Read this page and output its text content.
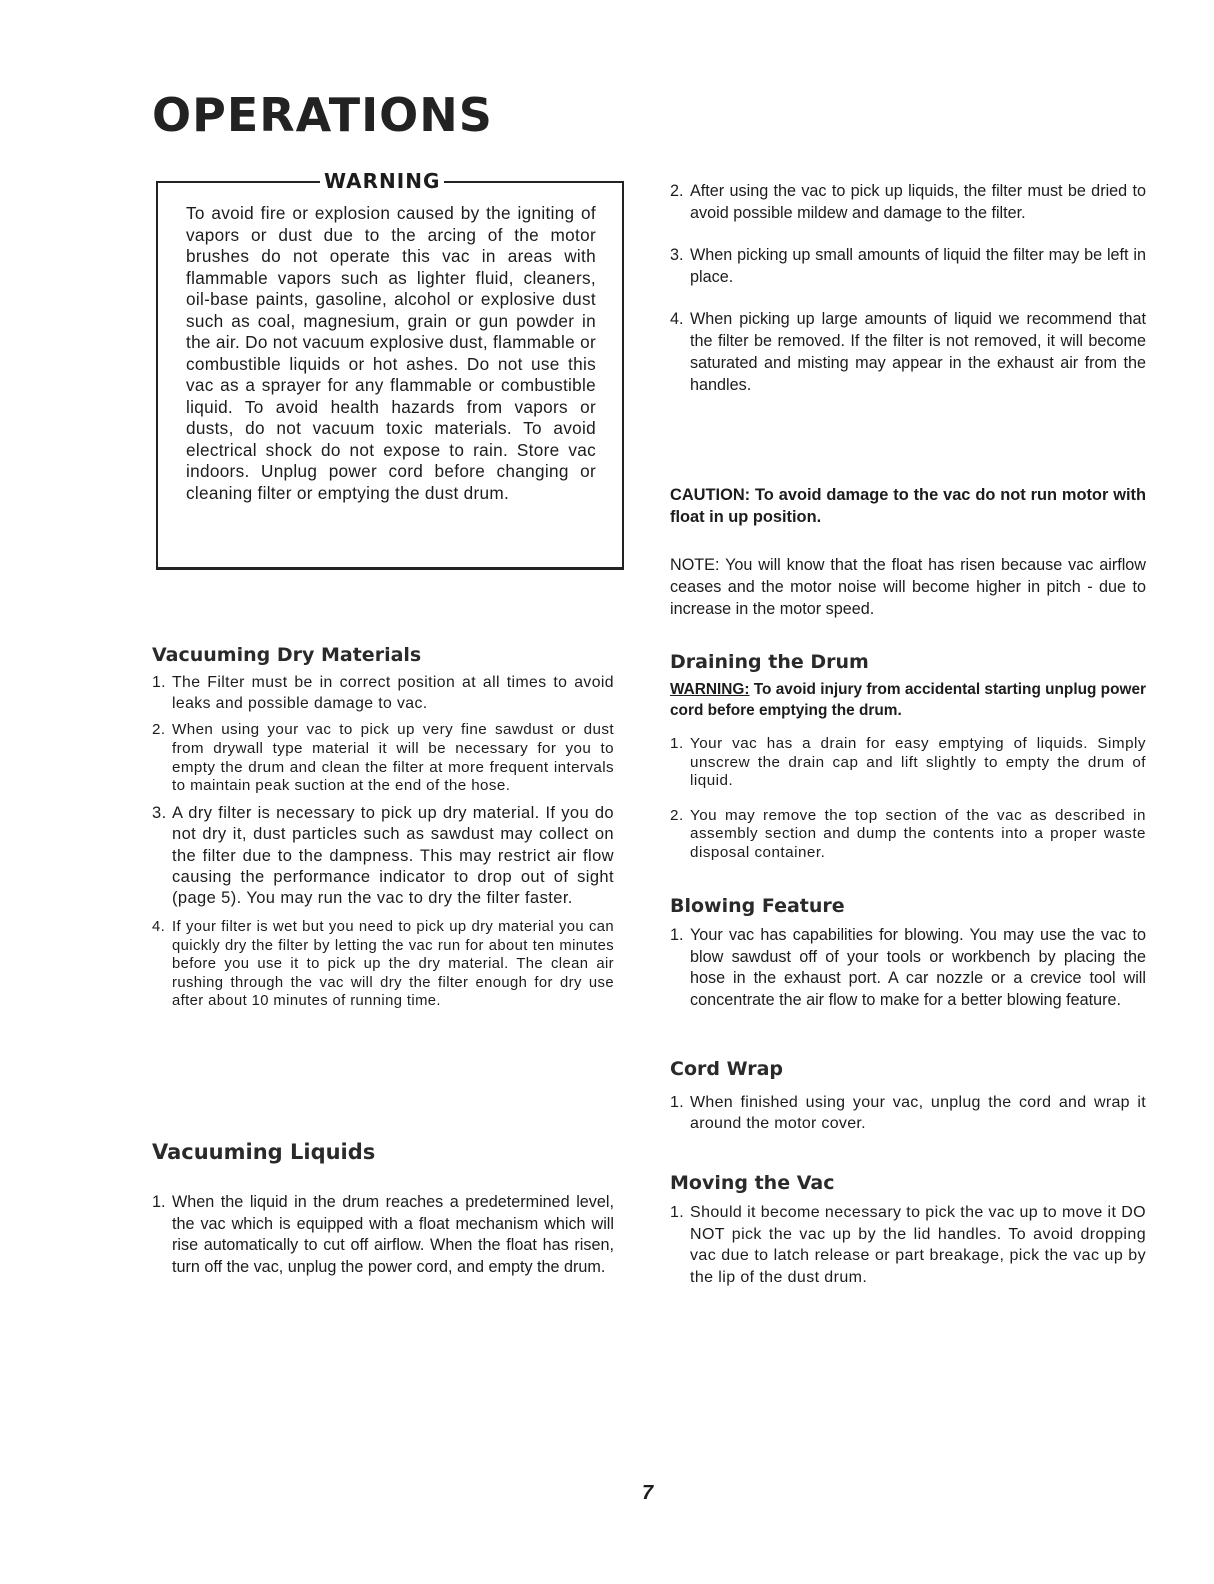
OPERATIONS

WARNING

To avoid fire or explosion caused by the igniting of vapors or dust due to the arcing of the motor brushes do not operate this vac in areas with flammable vapors such as lighter fluid, cleaners, oil-base paints, gasoline, alcohol or explosive dust such as coal, magnesium, grain or gun powder in the air. Do not vacuum explosive dust, flammable or combustible liquids or hot ashes. Do not use this vac as a sprayer for any flammable or combustible liquid. To avoid health hazards from vapors or dusts, do not vacuum toxic materials. To avoid electrical shock do not expose to rain. Store vac indoors. Unplug power cord before changing or cleaning filter or emptying the dust drum.

Vacuuming Dry Materials
1. The Filter must be in correct position at all times to avoid leaks and possible damage to vac.
2. When using your vac to pick up very fine sawdust or dust from drywall type material it will be necessary for you to empty the drum and clean the filter at more frequent intervals to maintain peak suction at the end of the hose.
3. A dry filter is necessary to pick up dry material. If you do not dry it, dust particles such as sawdust may collect on the filter due to the dampness. This may restrict air flow causing the performance indicator to drop out of sight (page 5). You may run the vac to dry the filter faster.
4. If your filter is wet but you need to pick up dry material you can quickly dry the filter by letting the vac run for about ten minutes before you use it to pick up the dry material. The clean air rushing through the vac will dry the filter enough for dry use after about 10 minutes of running time.
Vacuuming Liquids
1. When the liquid in the drum reaches a predetermined level, the vac which is equipped with a float mechanism which will rise automatically to cut off airflow. When the float has risen, turn off the vac, unplug the power cord, and empty the drum.
2. After using the vac to pick up liquids, the filter must be dried to avoid possible mildew and damage to the filter.
3. When picking up small amounts of liquid the filter may be left in place.
4. When picking up large amounts of liquid we recommend that the filter be removed. If the filter is not removed, it will become saturated and misting may appear in the exhaust air from the handles.

CAUTION: To avoid damage to the vac do not run motor with float in up position.

NOTE: You will know that the float has risen because vac airflow ceases and the motor noise will become higher in pitch - due to increase in the motor speed.

Draining the Drum

WARNING: To avoid injury from accidental starting unplug power cord before emptying the drum.

1. Your vac has a drain for easy emptying of liquids. Simply unscrew the drain cap and lift slightly to empty the drum of liquid.
2. You may remove the top section of the vac as described in assembly section and dump the contents into a proper waste disposal container.
Blowing Feature
1. Your vac has capabilities for blowing. You may use the vac to blow sawdust off of your tools or workbench by placing the hose in the exhaust port. A car nozzle or a crevice tool will concentrate the air flow to make for a better blowing feature.
Cord Wrap
1. When finished using your vac, unplug the cord and wrap it around the motor cover.
Moving the Vac
1. Should it become necessary to pick the vac up to move it DO NOT pick the vac up by the lid handles. To avoid dropping vac due to latch release or part breakage, pick the vac up by the lip of the dust drum.

7
